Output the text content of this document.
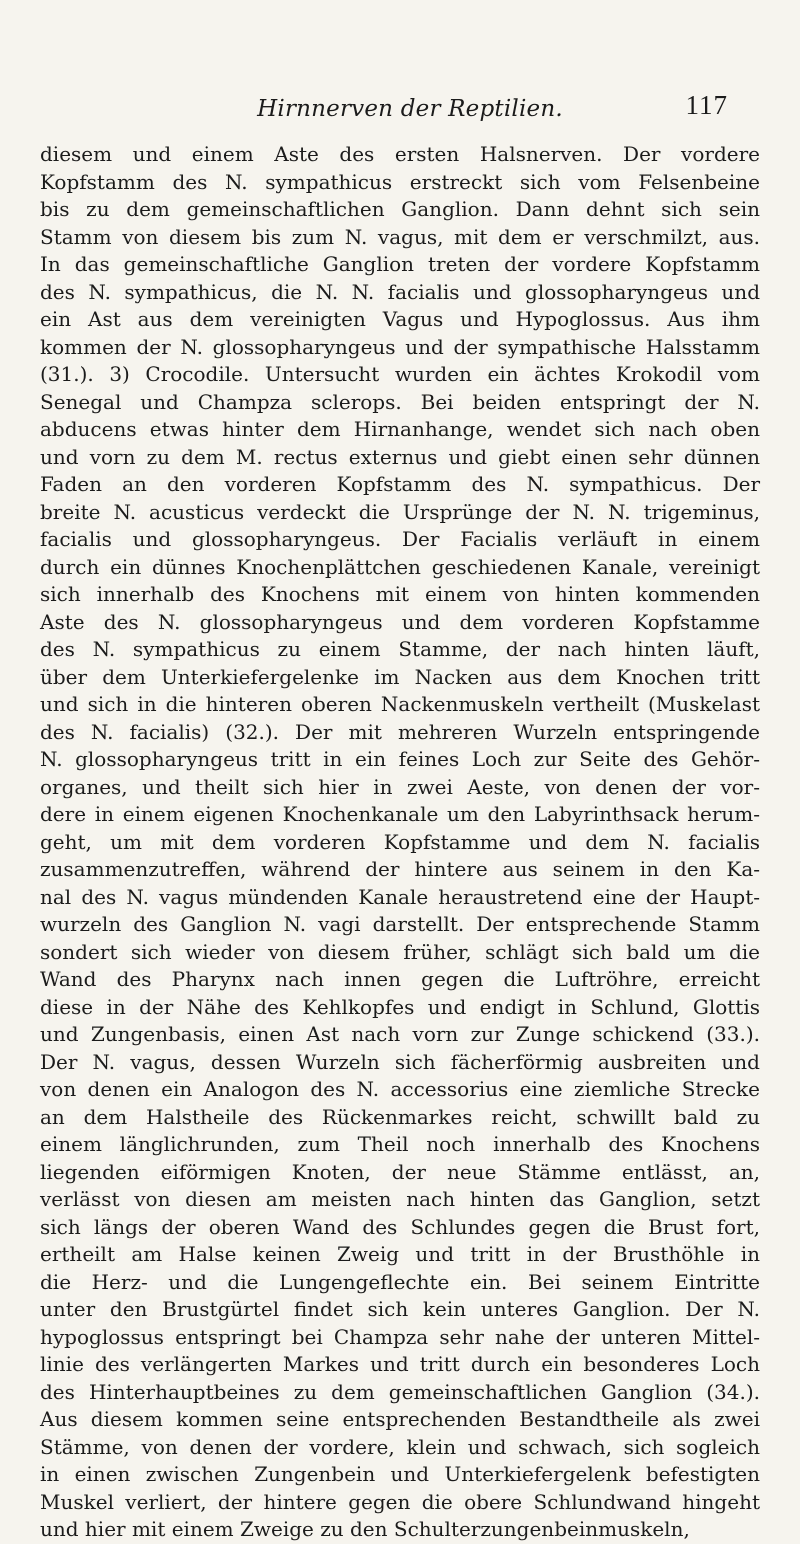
Hirnnerven der Reptilien.	117
diesem und einem Aste des ersten Halsnerven. Der vordere
Kopfstamm des N. sympathicus erstreckt sich vom Felsenbeine
bis zu dem gemeinschaftlichen Ganglion. Dann dehnt sich sein
Stamm von diesem bis zum N. vagus, mit dem er verschmilzt, aus.
In das gemeinschaftliche Ganglion treten der vordere Kopfstamm
des N. sympathicus, die N. N. facialis und glossopharyngeus und
ein Ast aus dem vereinigten Vagus und Hypoglossus. Aus ihm
kommen der N. glossopharyngeus und der sympathische Halsstamm
(31.). 3) Crocodile. Untersucht wurden ein ächtes Krokodil vom
Senegal und Champza sclerops. Bei beiden entspringt der N.
abducens etwas hinter dem Hirnanhange, wendet sich nach oben
und vorn zu dem M. rectus externus und giebt einen sehr dünnen
Faden an den vorderen Kopfstamm des N. sympathicus. Der
breite N. acusticus verdeckt die Ursprünge der N. N. trigeminus,
facialis und glossopharyngeus. Der Facialis verläuft in einem
durch ein dünnes Knochenplättchen geschiedenen Kanale, vereinigt
sich innerhalb des Knochens mit einem von hinten kommenden
Aste des N. glossopharyngeus und dem vorderen Kopfstamme
des N. sympathicus zu einem Stamme, der nach hinten läuft,
über dem Unterkiefergelenke im Nacken aus dem Knochen tritt
und sich in die hinteren oberen Nackenmuskeln vertheilt (Muskelast
des N. facialis) (32.). Der mit mehreren Wurzeln entspringende
N. glossopharyngeus tritt in ein feines Loch zur Seite des Gehör-
organes, und theilt sich hier in zwei Aeste, von denen der vor-
dere in einem eigenen Knochenkanale um den Labyrinthsack herum-
geht, um mit dem vorderen Kopfstamme und dem N. facialis
zusammenzutreffen, während der hintere aus seinem in den Ka-
nal des N. vagus mündenden Kanale heraustretend eine der Haupt-
wurzeln des Ganglion N. vagi darstellt. Der entsprechende Stamm
sondert sich wieder von diesem früher, schlägt sich bald um die
Wand des Pharynx nach innen gegen die Luftröhre, erreicht
diese in der Nähe des Kehlkopfes und endigt in Schlund, Glottis
und Zungenbasis, einen Ast nach vorn zur Zunge schickend (33.).
Der N. vagus, dessen Wurzeln sich fächerförmig ausbreiten und
von denen ein Analogon des N. accessorius eine ziemliche Strecke
an dem Halstheile des Rückenmarkes reicht, schwillt bald zu
einem länglichrunden, zum Theil noch innerhalb des Knochens
liegenden eiförmigen Knoten, der neue Stämme entlässt, an,
verlässt von diesen am meisten nach hinten das Ganglion, setzt
sich längs der oberen Wand des Schlundes gegen die Brust fort,
ertheilt am Halse keinen Zweig und tritt in der Brusthöhle in
die Herz- und die Lungengeflechte ein. Bei seinem Eintritte
unter den Brustgürtel findet sich kein unteres Ganglion. Der N.
hypoglossus entspringt bei Champza sehr nahe der unteren Mittel-
linie des verlängerten Markes und tritt durch ein besonderes Loch
des Hinterhauptbeines zu dem gemeinschaftlichen Ganglion (34.).
Aus diesem kommen seine entsprechenden Bestandtheile als zwei
Stämme, von denen der vordere, klein und schwach, sich sogleich
in einen zwischen Zungenbein und Unterkiefergelenk befestigten
Muskel verliert, der hintere gegen die obere Schlundwand hingeht
und hier mit einem Zweige zu den Schulterzungenbeinmuskeln,
